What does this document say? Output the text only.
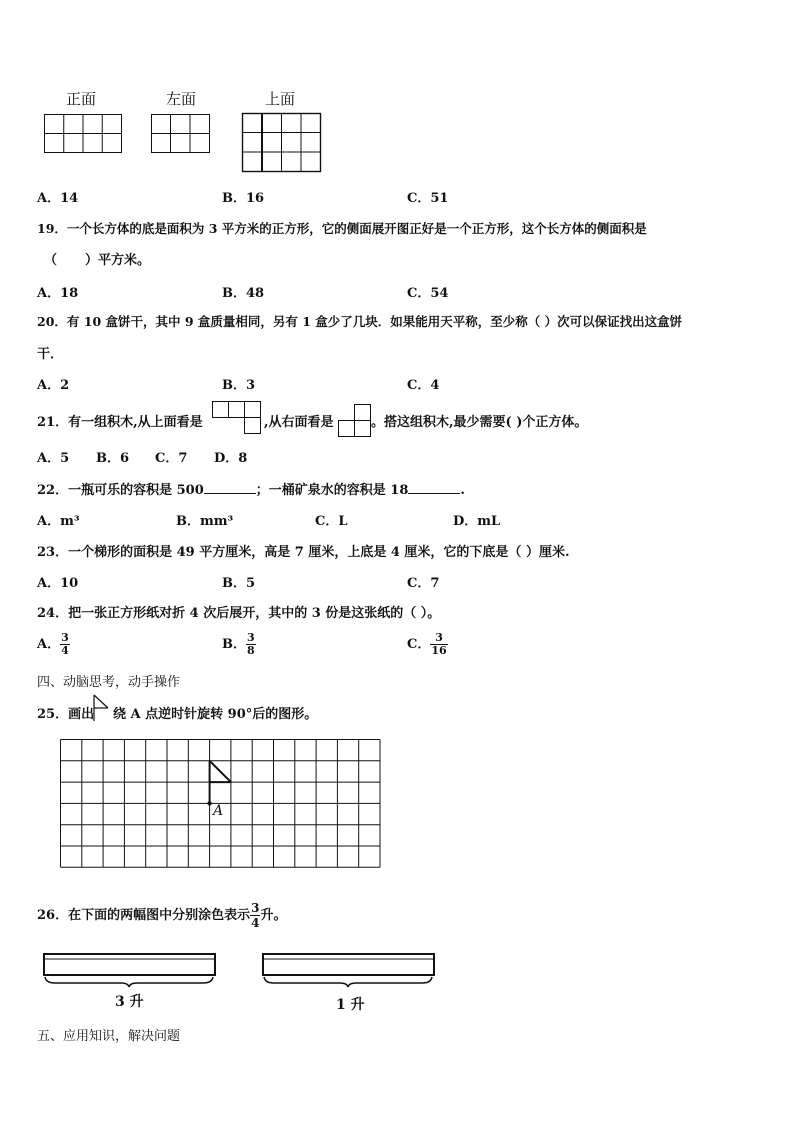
正面	左面	上面
A．14	B．16	C．51
19．一个长方体的底是面积为 3 平方米的正方形，它的侧面展开图正好是一个正方形，这个长方体的侧面积是
（ ）平方米。
A．18	B．48	C．54
20．有 10 盒饼干，其中 9 盒质量相同，另有 1 盒少了几块．如果能用天平称，至少称（ ）次可以保证找出这盒饼
干．
A．2	B．3	C．4
21．有一组积木,从上面看是	,从右面看是	。搭这组积木,最少需要( )个正方体。
A．5 B．6 C．7 D．8
22．一瓶可乐的容积是 500	；一桶矿泉水的容积是 18	.
A．m³	B．mm³	C．L	D．mL
23．一个梯形的面积是 49 平方厘米，高是 7 厘米，上底是 4 厘米，它的下底是（ ）厘米.
A．10	B．5	C．7
24．把一张正方形纸对折 4 次后展开，其中的 3 份是这张纸的（ ）。
A． $\frac{3}{4}$	B． $\frac{3}{8}$	C． $\frac{3}{16}$
四、动脑思考，动手操作
25．画出 绕 A 点逆时针旋转 90°后的图形。
A
26．在下面的两幅图中分别涂色表示 $\frac{3}{4}$ 升。
3 升	1 升
五、应用知识，解决问题
